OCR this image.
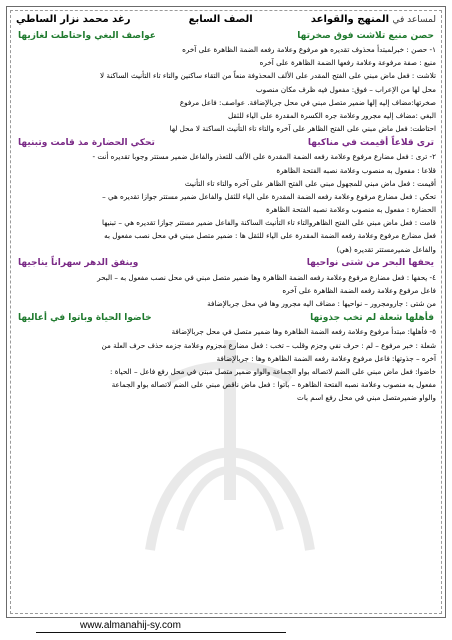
لمساعد في المنهج والقواعد
الصف السابع
رغد محمد نزار الساطي
حصن منيع تلاشت فوق صخرتها
عواصف البغي واحتاطت لغازيها
١- حصن : خبرلمبتدأ محذوف تقديره هو مرفوع وعلامة رفعه الضمة الظاهرة على آخره
منيع : صفة مرفوعة وعلامة رفعها الضمة الظاهرة على آخره
تلاشت : فعل ماض مبني على الفتح المقدر على الألف المحذوفة منعاً من التقاء ساكنين والتاء تاء التأنيث الساكنة لا
محل لها من الإعراب – فوق: مفعول فيه ظرف مكان منصوب
صخرتها:مضاف إليه إلها ضمير متصل مبني في محل جربالإضافة. عواصف: فاعل مرفوع
البغي :مضاف إليه مجرور وعلامة جره الكسرة المقدرة على الياء للثقل
احتاطت: فعل ماض مبني على الفتح الظاهر على آخره والتاء تاء التأنيث الساكنة لا محل لها
ترى قلاعاً أقيمت في مناكبها
تحكي الحضارة مذ قامت وتبنيها
٢- ترى : فعل مضارع مرفوع وعلامة رفعه الضمة المقدرة على الألف للتعذر والفاعل ضمير مستتر وجوبا تقديره أنت -
قلاعا : مفعول به منصوب وعلامة نصبه الفتحة الظاهرة
أقيمت : فعل ماض مبني للمجهول مبني على الفتح الظاهر على آخره والتاء تاء التأنيث
تحكي : فعل مضارع مرفوع وعلامة رفعه الضمة المقدرة على الياء للثقل والفاعل ضمير مستتر جوازا تقديره هي –
الحضارة : مفعول به منصوب وعلامة نصبه الفتحة الظاهرة
قامت : فعل ماض مبني على الفتح الظاهروالتاء تاء التأنيث الساكنة والفاعل ضمير مستتر جوازا تقديره هي – تبنيها
فعل مضارع مرفوع وعلامة رفعه الضمة المقدرة على الياء للثقل ها : ضمير متصل مبني في محل نصب مفعول به
والفاعل ضميرمستتر تقديره (هي)
يحفها البحر من شتى نواحيها
وينفق الدهر سهراناً يناجيها
٤- يحفها : فعل مضارع مرفوع وعلامة رفعه الضمة الظاهرة وها ضمير متصل مبني في محل نصب مفعول به – البحر
فاعل مرفوع وعلامة رفعه الضمة الظاهرة على آخره
من شتى : جارومجرور – نواحيها : مضاف اليه مجرور وها في محل جربالإضافة
فأهلها شعلة لم تخب جذوتها
خاضوا الحياة وباتوا في أعاليها
٥- فأهلها: مبتدأ مرفوع وعلامة رفعه الضمة الظاهرة وها ضمير متصل في محل جربالإضافة
شعلة : خبر مرفوع – لم : حرف نفي وجزم وقلب – تخب : فعل مضارع مجزوم وعلامة جزمه حذف حرف العلة من
آخره – جذوتها: فاعل مرفوع وعلامة رفعه الضمة الظاهرة وها : جربالإضافة
خاضوا: فعل ماض مبني على الضم لاتصاله بواو الجماعة والواو ضمير متصل مبني في محل رفع فاعل – الحياة :
مفعول به منصوب وعلامة نصبه الفتحة الظاهرة – باتوا : فعل ماض ناقص مبني على الضم لاتصاله بواو الجماعة
والواو ضميرمتصل مبني في محل رفع اسم بات
www.almanahij-sy.com
